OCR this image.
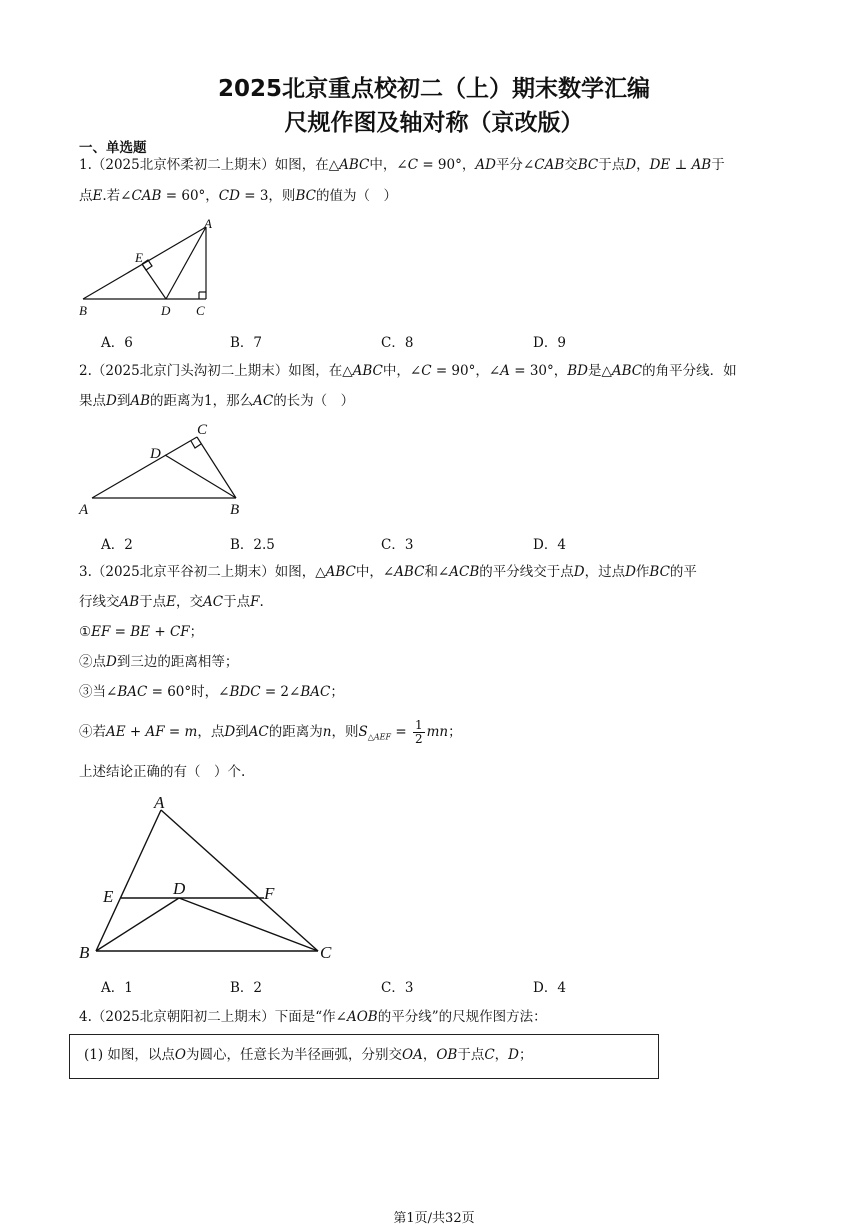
2025北京重点校初二（上）期末数学汇编
尺规作图及轴对称（京改版）
一、单选题
1.（2025北京怀柔初二上期末）如图，在△ABC中，∠C = 90°，AD平分∠CAB交BC于点D，DE ⊥ AB于
点E.若∠CAB = 60°，CD = 3，则BC的值为（　）
A
E
B	D C
A．6	B．7	C．8	D．9
2.（2025北京门头沟初二上期末）如图，在△ABC中，∠C = 90°，∠A = 30°，BD是△ABC的角平分线．如
果点D到AB的距离为1，那么AC的长为（　）
C
D
A	B
A．2	B．2.5	C．3	D．4
3.（2025北京平谷初二上期末）如图，△ABC中，∠ABC和∠ACB的平分线交于点D，过点D作BC的平
行线交AB于点E，交AC于点F.
①EF = BE + CF；
②点D到三边的距离相等；
③当∠BAC = 60°时，∠BDC = 2∠BAC；
④若AE + AF = m，点D到AC的距离为n，则$S_{\triangle AEF} = \frac{1}{2}$ mn；
上述结论正确的有（　）个.
A
E	D	F
B	C
A．1	B．2	C．3	D．4
4.（2025北京朝阳初二上期末）下面是“作∠AOB的平分线”的尺规作图方法：
(1) 如图，以点O为圆心，任意长为半径画弧，分别交OA，OB于点C，D；
第1页/共32页
